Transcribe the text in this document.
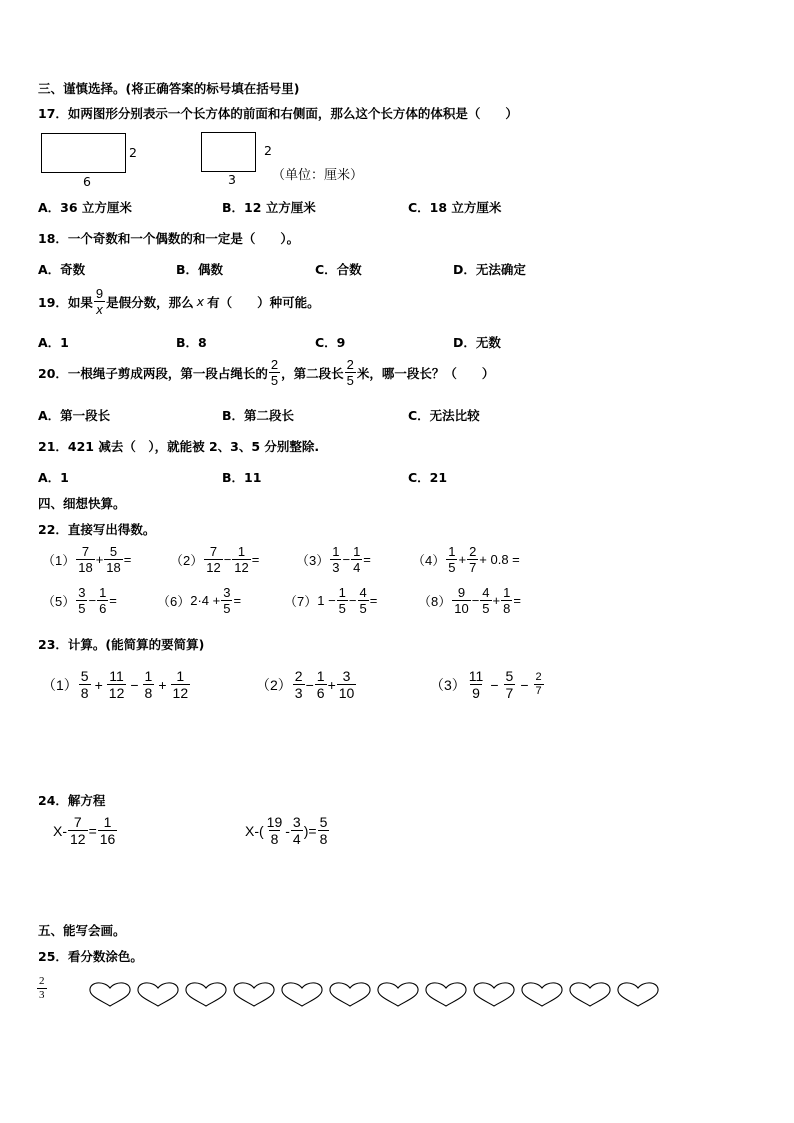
三、谨慎选择。(将正确答案的标号填在括号里)
17．如两图形分别表示一个长方体的前面和右侧面，那么这个长方体的体积是（　　）
2
6
2
3	（单位：厘米）
A．36 立方厘米	B．12 立方厘米	C．18 立方厘米
18．一个奇数和一个偶数的和一定是（　　）。
A．奇数	B．偶数	C．合数	D．无法确定
19．如果 $\frac{9}{x}$ 是假分数，那么 x 有（　　）种可能。
A．1	B．8	C．9	D．无数
20．一根绳子剪成两段，第一段占绳长的 $\frac{2}{5}$ ，第二段长 $\frac{2}{5}$ 米，哪一段长？（　　）
A．第一段长	B．第二段长	C．无法比较
21．421 减去（　），就能被 2、3、5 分别整除.
A．1	B．11	C．21
四、细想快算。
22．直接写出得数。
$(1) \frac{7}{18} + \frac{5}{18}$ =	$(2) \frac{7}{12} - \frac{1}{12}$ =	$(3) \frac{1}{3} - \frac{1}{4}$ =	$(4) \frac{1}{5} + \frac{2}{7} + 0.8$ =
$(5) \frac{3}{5} - \frac{1}{6}$ =	（6） $2\cdot 4 + \frac{3}{5}$ =	（7） $1 - \frac{1}{5} - \frac{4}{5}$ =	$(8) \frac{9}{10} - \frac{4}{5} + \frac{1}{8}$ =
23．计算。(能简算的要简算)
$(1) \frac{5}{8} + \frac{11}{12} - \frac{1}{8} + \frac{1}{12}$	$(2) \frac{2}{3} - \frac{1}{6} + \frac{3}{10}$	$(3) \frac{11}{9} - \frac{5}{7} - \frac{2}{7}$
24．解方程
$X- \frac{7}{12} = \frac{1}{16}$	$X-( \frac{19}{8} - \frac{3}{4}$ )= $\frac{5}{8}$
五、能写会画。
25．看分数涂色。
$\frac{2}{3}$
